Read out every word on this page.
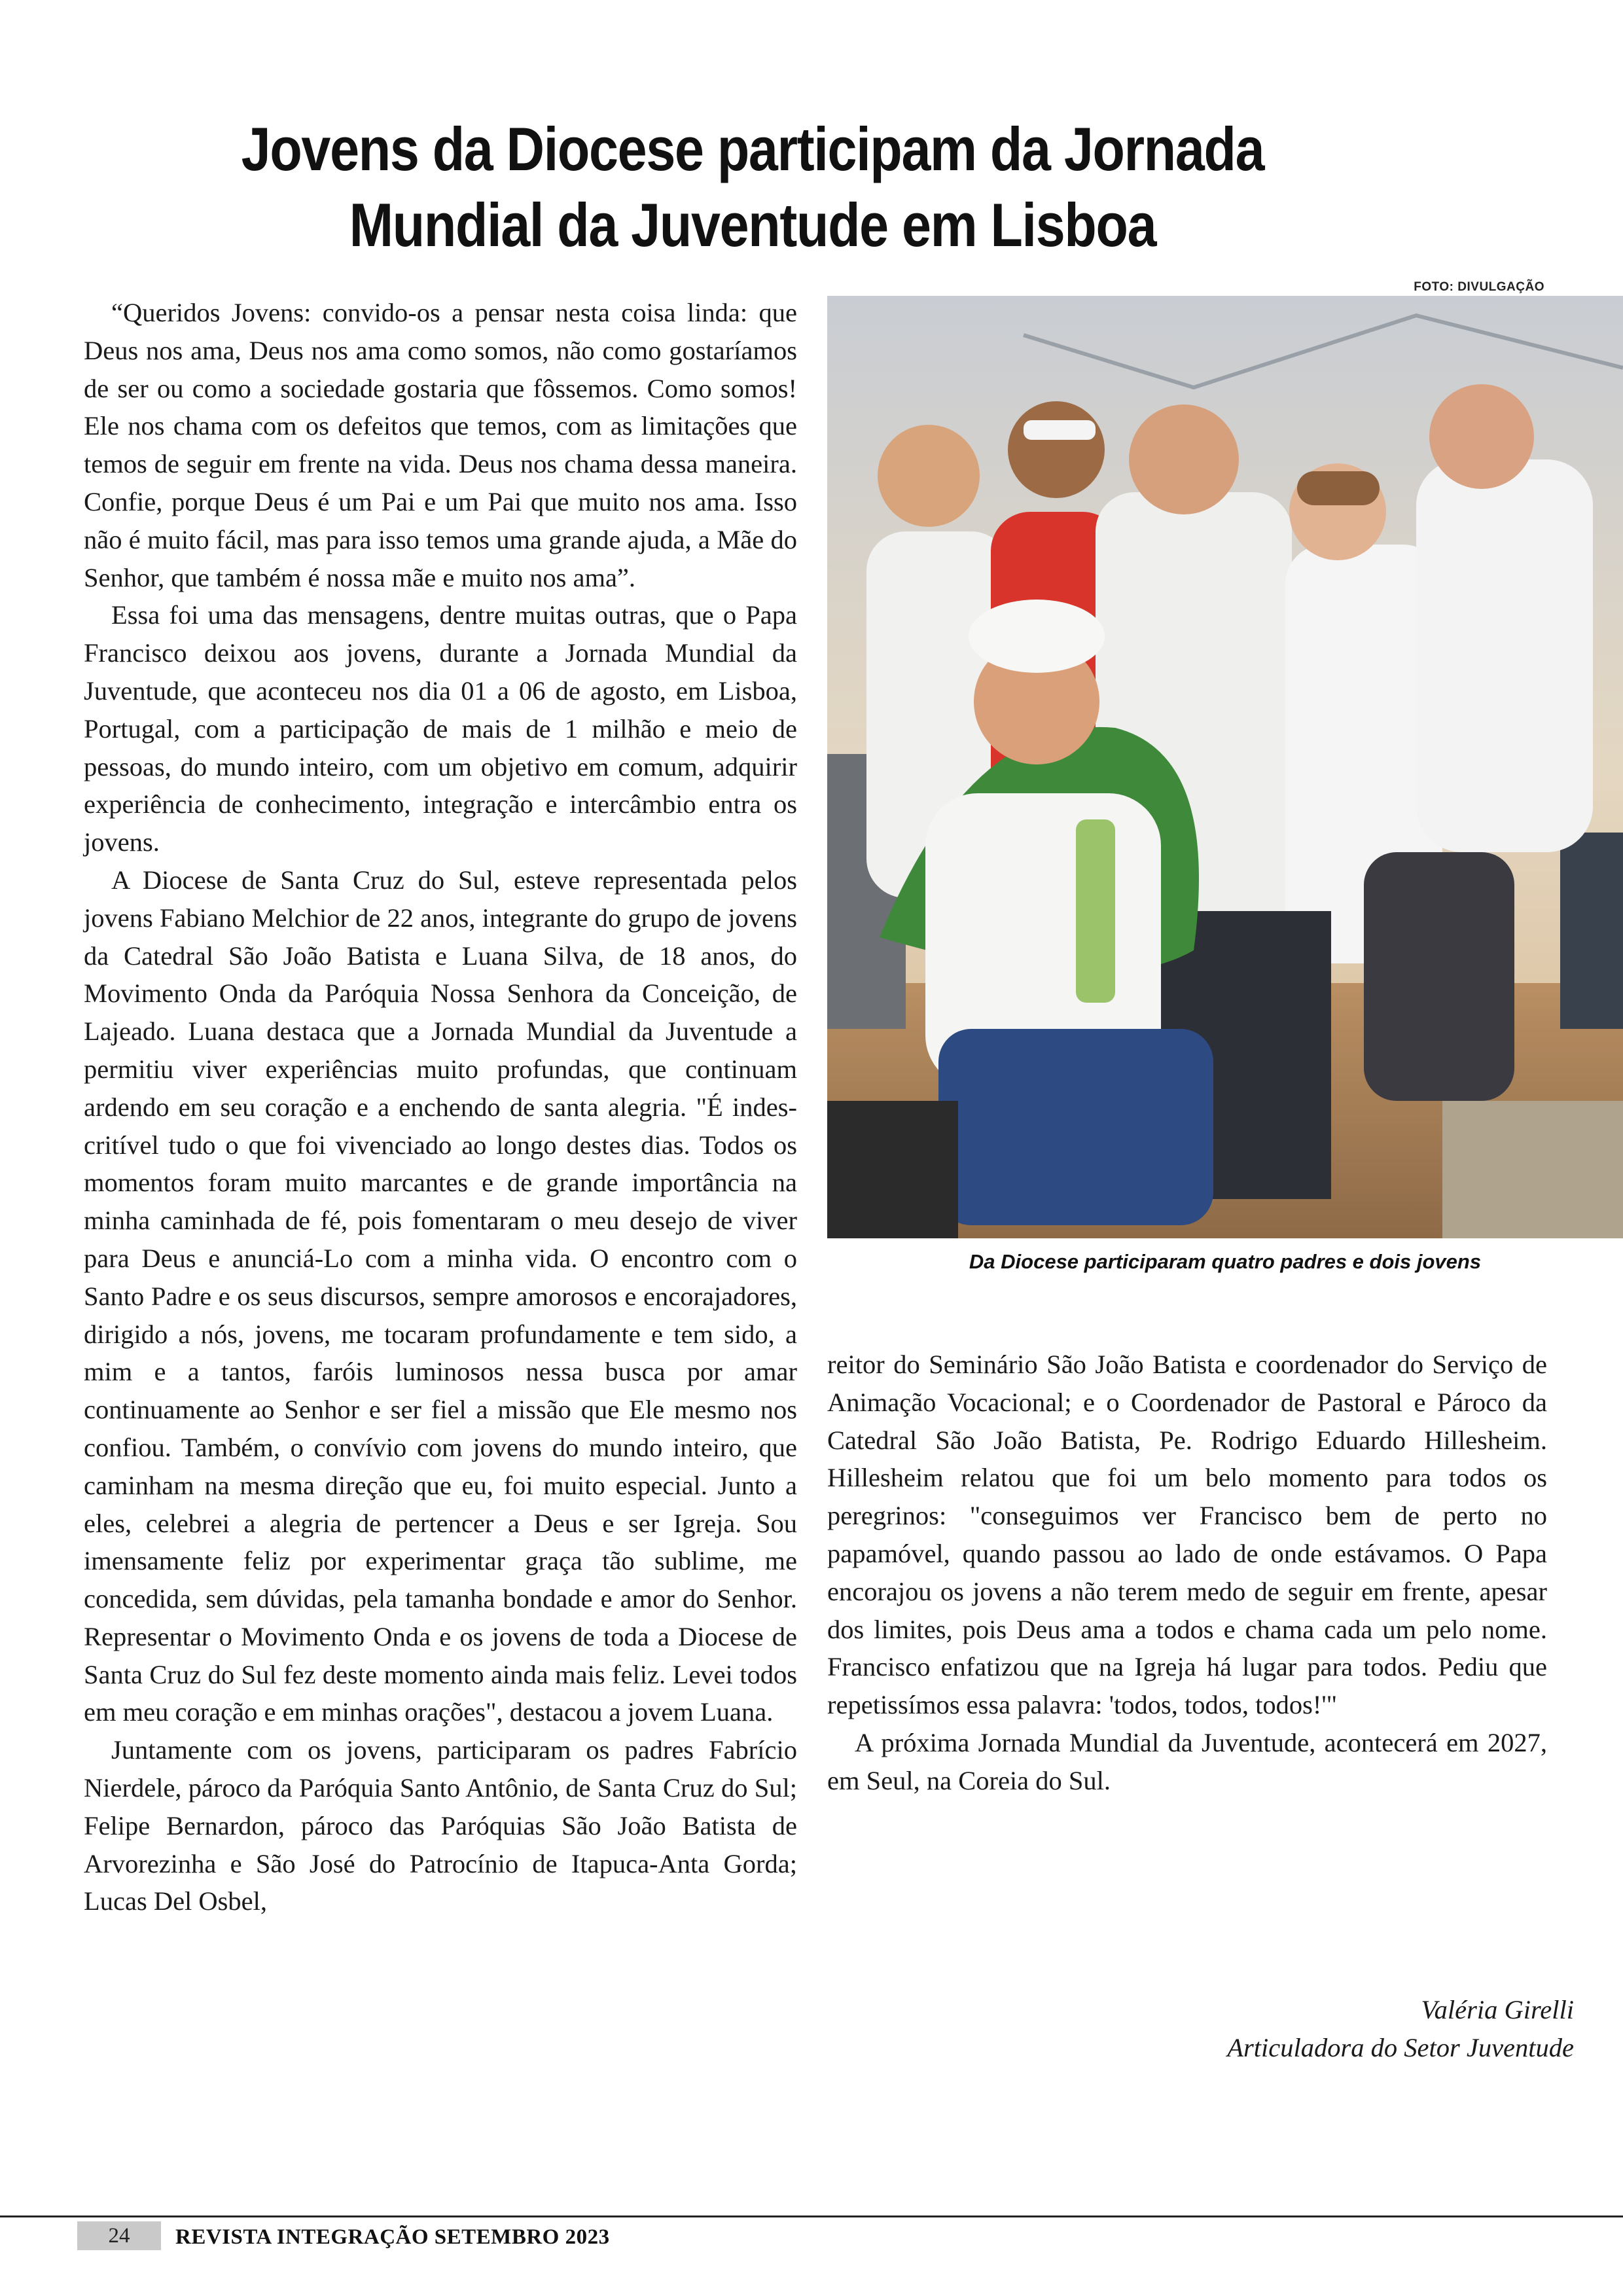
Jovens da Diocese participam da Jornada
Mundial da Juventude em Lisboa

“Queridos Jovens: convido-os a pensar nesta coisa linda: que Deus nos ama, Deus nos ama como somos, não como gostaríamos de ser ou como a sociedade gostaria que fôssemos. Como somos! Ele nos chama com os defeitos que temos, com as limitações que temos de seguir em frente na vida. Deus nos chama dessa maneira. Confie, porque Deus é um Pai e um Pai que muito nos ama. Isso não é muito fácil, mas para isso temos uma grande ajuda, a Mãe do Senhor, que também é nossa mãe e muito nos ama”.

Essa foi uma das mensagens, dentre muitas outras, que o Papa Francisco deixou aos jovens, durante a Jornada Mundial da Juventude, que aconteceu nos dia 01 a 06 de agosto, em Lisboa, Portugal, com a participação de mais de 1 milhão e meio de pessoas, do mundo inteiro, com um objetivo em comum, adquirir experiência de conhecimento, integração e intercâmbio entra os jovens.

A Diocese de Santa Cruz do Sul, esteve representada pelos jovens Fabiano Melchior de 22 anos, integrante do grupo de jovens da Catedral São João Batista e Luana Silva, de 18 anos, do Movimento Onda da Paróquia Nossa Senhora da Conceição, de Lajeado. Luana destaca que a Jornada Mundial da Juventude a permitiu viver experiências muito profundas, que continuam ardendo em seu coração e a enchendo de santa alegria. "É indescritível tudo o que foi vivenciado ao longo destes dias. Todos os momentos foram muito marcantes e de grande importância na minha caminhada de fé, pois fomentaram o meu desejo de viver para Deus e anunciá-Lo com a minha vida. O encontro com o Santo Padre e os seus discursos, sempre amorosos e encorajadores, dirigido a nós, jovens, me tocaram profundamente e tem sido, a mim e a tantos, faróis luminosos nessa busca por amar continuamente ao Senhor e ser fiel a missão que Ele mesmo nos confiou. Também, o convívio com jovens do mundo inteiro, que caminham na mesma direção que eu, foi muito especial. Junto a eles, celebrei a alegria de pertencer a Deus e ser Igreja. Sou imensamente feliz por experimentar graça tão sublime, me concedida, sem dúvidas, pela tamanha bondade e amor do Senhor. Representar o Movimento Onda e os jovens de toda a Diocese de Santa Cruz do Sul fez deste momento ainda mais feliz. Levei todos em meu coração e em minhas orações", destacou a jovem Luana.

Juntamente com os jovens, participaram os padres Fabrício Nierdele, pároco da Paróquia Santo Antônio, de Santa Cruz do Sul; Felipe Bernardon, pároco das Paróquias São João Batista de Arvorezinha e São José do Patrocínio de Itapuca-Anta Gorda; Lucas Del Osbel,

FOTO: DIVULGAÇÃO
Da Diocese participaram quatro padres e dois jovens

reitor do Seminário São João Batista e coordenador do Serviço de Animação Vocacional; e o Coordenador de Pastoral e Pároco da Catedral São João Batista, Pe. Rodrigo Eduardo Hillesheim. Hillesheim relatou que foi um belo momento para todos os peregrinos: "conseguimos ver Francisco bem de perto no papamóvel, quando passou ao lado de onde estávamos. O Papa encorajou os jovens a não terem medo de seguir em frente, apesar dos limites, pois Deus ama a todos e chama cada um pelo nome. Francisco enfatizou que na Igreja há lugar para todos. Pediu que repetissímos essa palavra: 'todos, todos, todos!'"

A próxima Jornada Mundial da Juventude, acontecerá em 2027, em Seul, na Coreia do Sul.

Valéria Girelli
Articuladora do Setor Juventude
24	REVISTA INTEGRAÇÃO SETEMBRO 2023
